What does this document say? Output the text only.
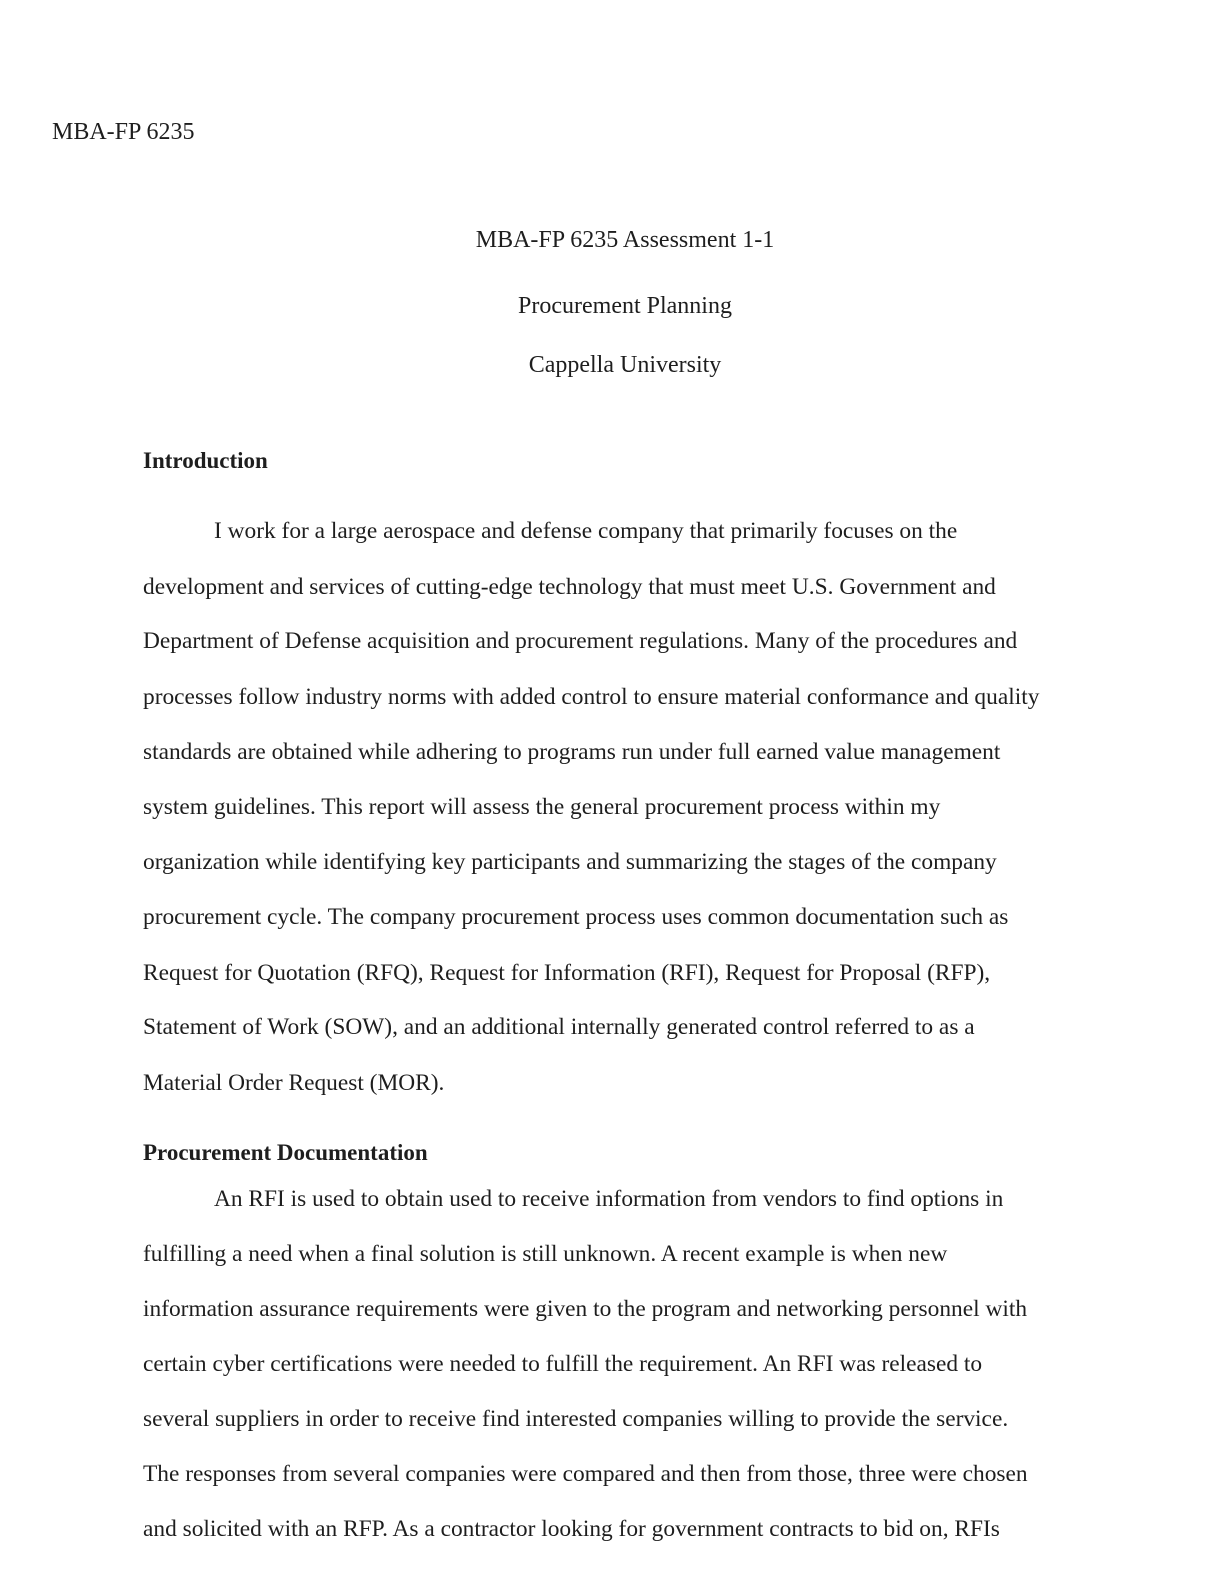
MBA-FP 6235
MBA-FP 6235 Assessment 1-1
Procurement Planning
Cappella University
Introduction
I work for a large aerospace and defense company that primarily focuses on the
development and services of cutting-edge technology that must meet U.S. Government and
Department of Defense acquisition and procurement regulations. Many of the procedures and
processes follow industry norms with added control to ensure material conformance and quality
standards are obtained while adhering to programs run under full earned value management
system guidelines. This report will assess the general procurement process within my
organization while identifying key participants and summarizing the stages of the company
procurement cycle. The company procurement process uses common documentation such as
Request for Quotation (RFQ), Request for Information (RFI), Request for Proposal (RFP),
Statement of Work (SOW), and an additional internally generated control referred to as a
Material Order Request (MOR).
Procurement Documentation
An RFI is used to obtain used to receive information from vendors to find options in
fulfilling a need when a final solution is still unknown. A recent example is when new
information assurance requirements were given to the program and networking personnel with
certain cyber certifications were needed to fulfill the requirement. An RFI was released to
several suppliers in order to receive find interested companies willing to provide the service.
The responses from several companies were compared and then from those, three were chosen
and solicited with an RFP. As a contractor looking for government contracts to bid on, RFIs
